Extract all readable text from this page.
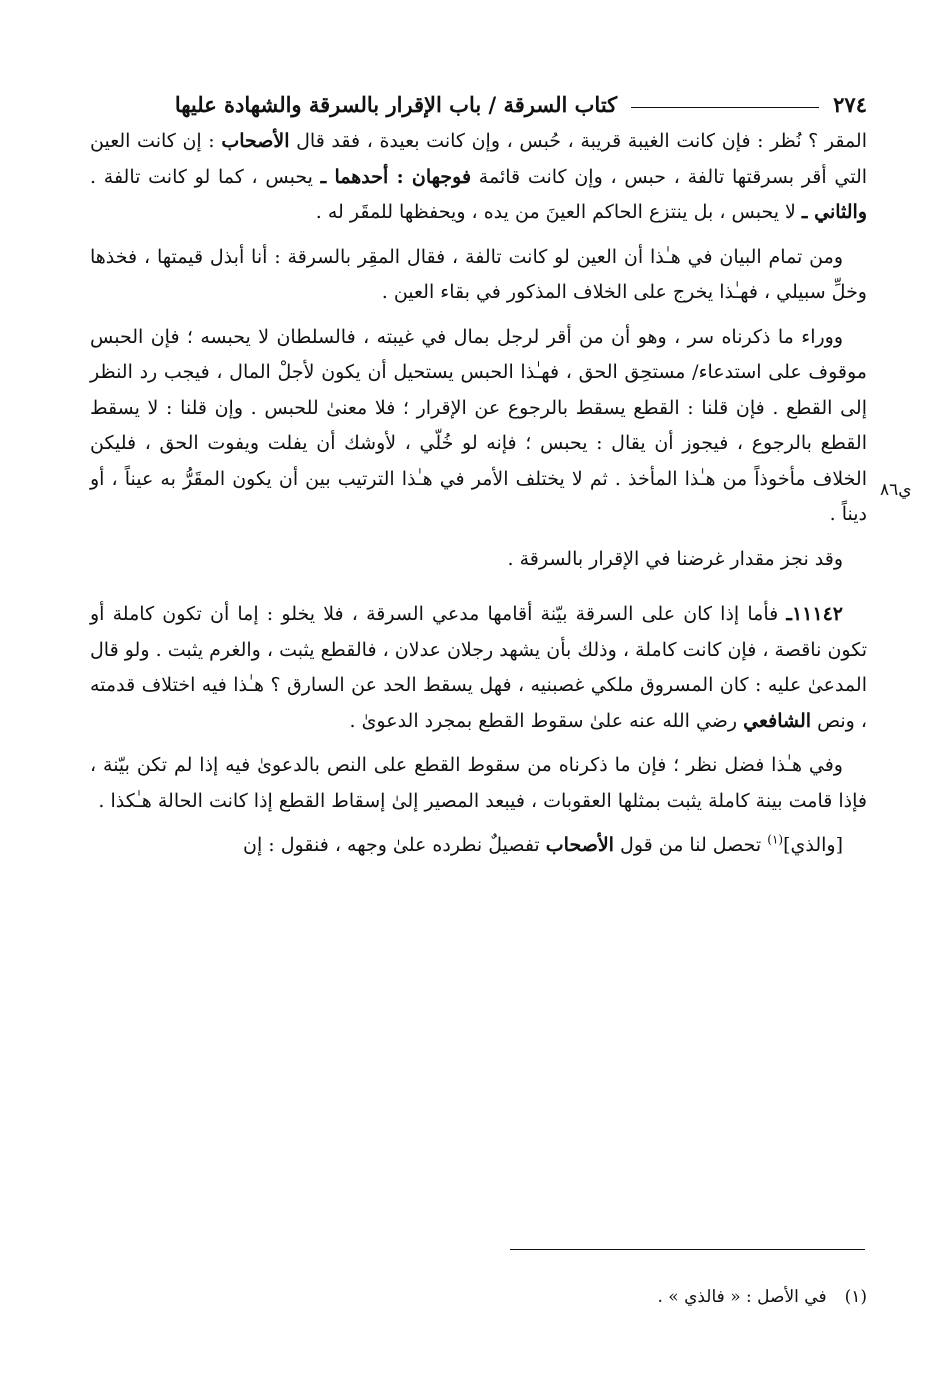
٢٧٤
كتاب السرقة / باب الإقرار بالسرقة والشهادة عليها
ي٨٦

المقر ؟ نُظر : فإن كانت الغيبة قريبة ، حُبس ، وإن كانت بعيدة ، فقد قال الأصحاب : إن كانت العين التي أقر بسرقتها تالفة ، حبس ، وإن كانت قائمة فوجهان : أحدهما ـ يحبس ، كما لو كانت تالفة . والثاني ـ لا يحبس ، بل ينتزع الحاكم العينَ من يده ، ويحفظها للمقَر له .

ومن تمام البيان في هـٰذا أن العين لو كانت تالفة ، فقال المقِر بالسرقة : أنا أبذل قيمتها ، فخذها وخلِّ سبيلي ، فهـٰذا يخرج على الخلاف المذكور في بقاء العين .

ووراء ما ذكرناه سر ، وهو أن من أقر لرجل بمال في غيبته ، فالسلطان لا يحبسه ؛ فإن الحبس موقوف على استدعاء/ مستحِق الحق ، فهـٰذا الحبس يستحيل أن يكون لأجلْ المال ، فيجب رد النظر إلى القطع . فإن قلنا : القطع يسقط بالرجوع عن الإقرار ؛ فلا معنىٰ للحبس . وإن قلنا : لا يسقط القطع بالرجوع ، فيجوز أن يقال : يحبس ؛ فإنه لو خُلّي ، لأوشك أن يفلت ويفوت الحق ، فليكن الخلاف مأخوذاً من هـٰذا المأخذ . ثم لا يختلف الأمر في هـٰذا الترتيب بين أن يكون المقَرُّ به عيناً ، أو ديناً .

وقد نجز مقدار غرضنا في الإقرار بالسرقة .

١١١٤٢ـ فأما إذا كان على السرقة بيّنة أقامها مدعي السرقة ، فلا يخلو : إما أن تكون كاملة أو تكون ناقصة ، فإن كانت كاملة ، وذلك بأن يشهد رجلان عدلان ، فالقطع يثبت ، والغرم يثبت . ولو قال المدعىٰ عليه : كان المسروق ملكي غصبنيه ، فهل يسقط الحد عن السارق ؟ هـٰذا فيه اختلاف قدمته ، ونص الشافعي رضي الله عنه علىٰ سقوط القطع بمجرد الدعوىٰ .

وفي هـٰذا فضل نظر ؛ فإن ما ذكرناه من سقوط القطع على النص بالدعوىٰ فيه إذا لم تكن بيّنة ، فإذا قامت بينة كاملة يثبت بمثلها العقوبات ، فيبعد المصير إلىٰ إسقاط القطع إذا كانت الحالة هـٰكذا .

[والذي]$^{(١)}$ تحصل لنا من قول الأصحاب تفصيلٌ نطرده علىٰ وجهه ، فنقول : إن

(١)في الأصل : « فالذي » .
